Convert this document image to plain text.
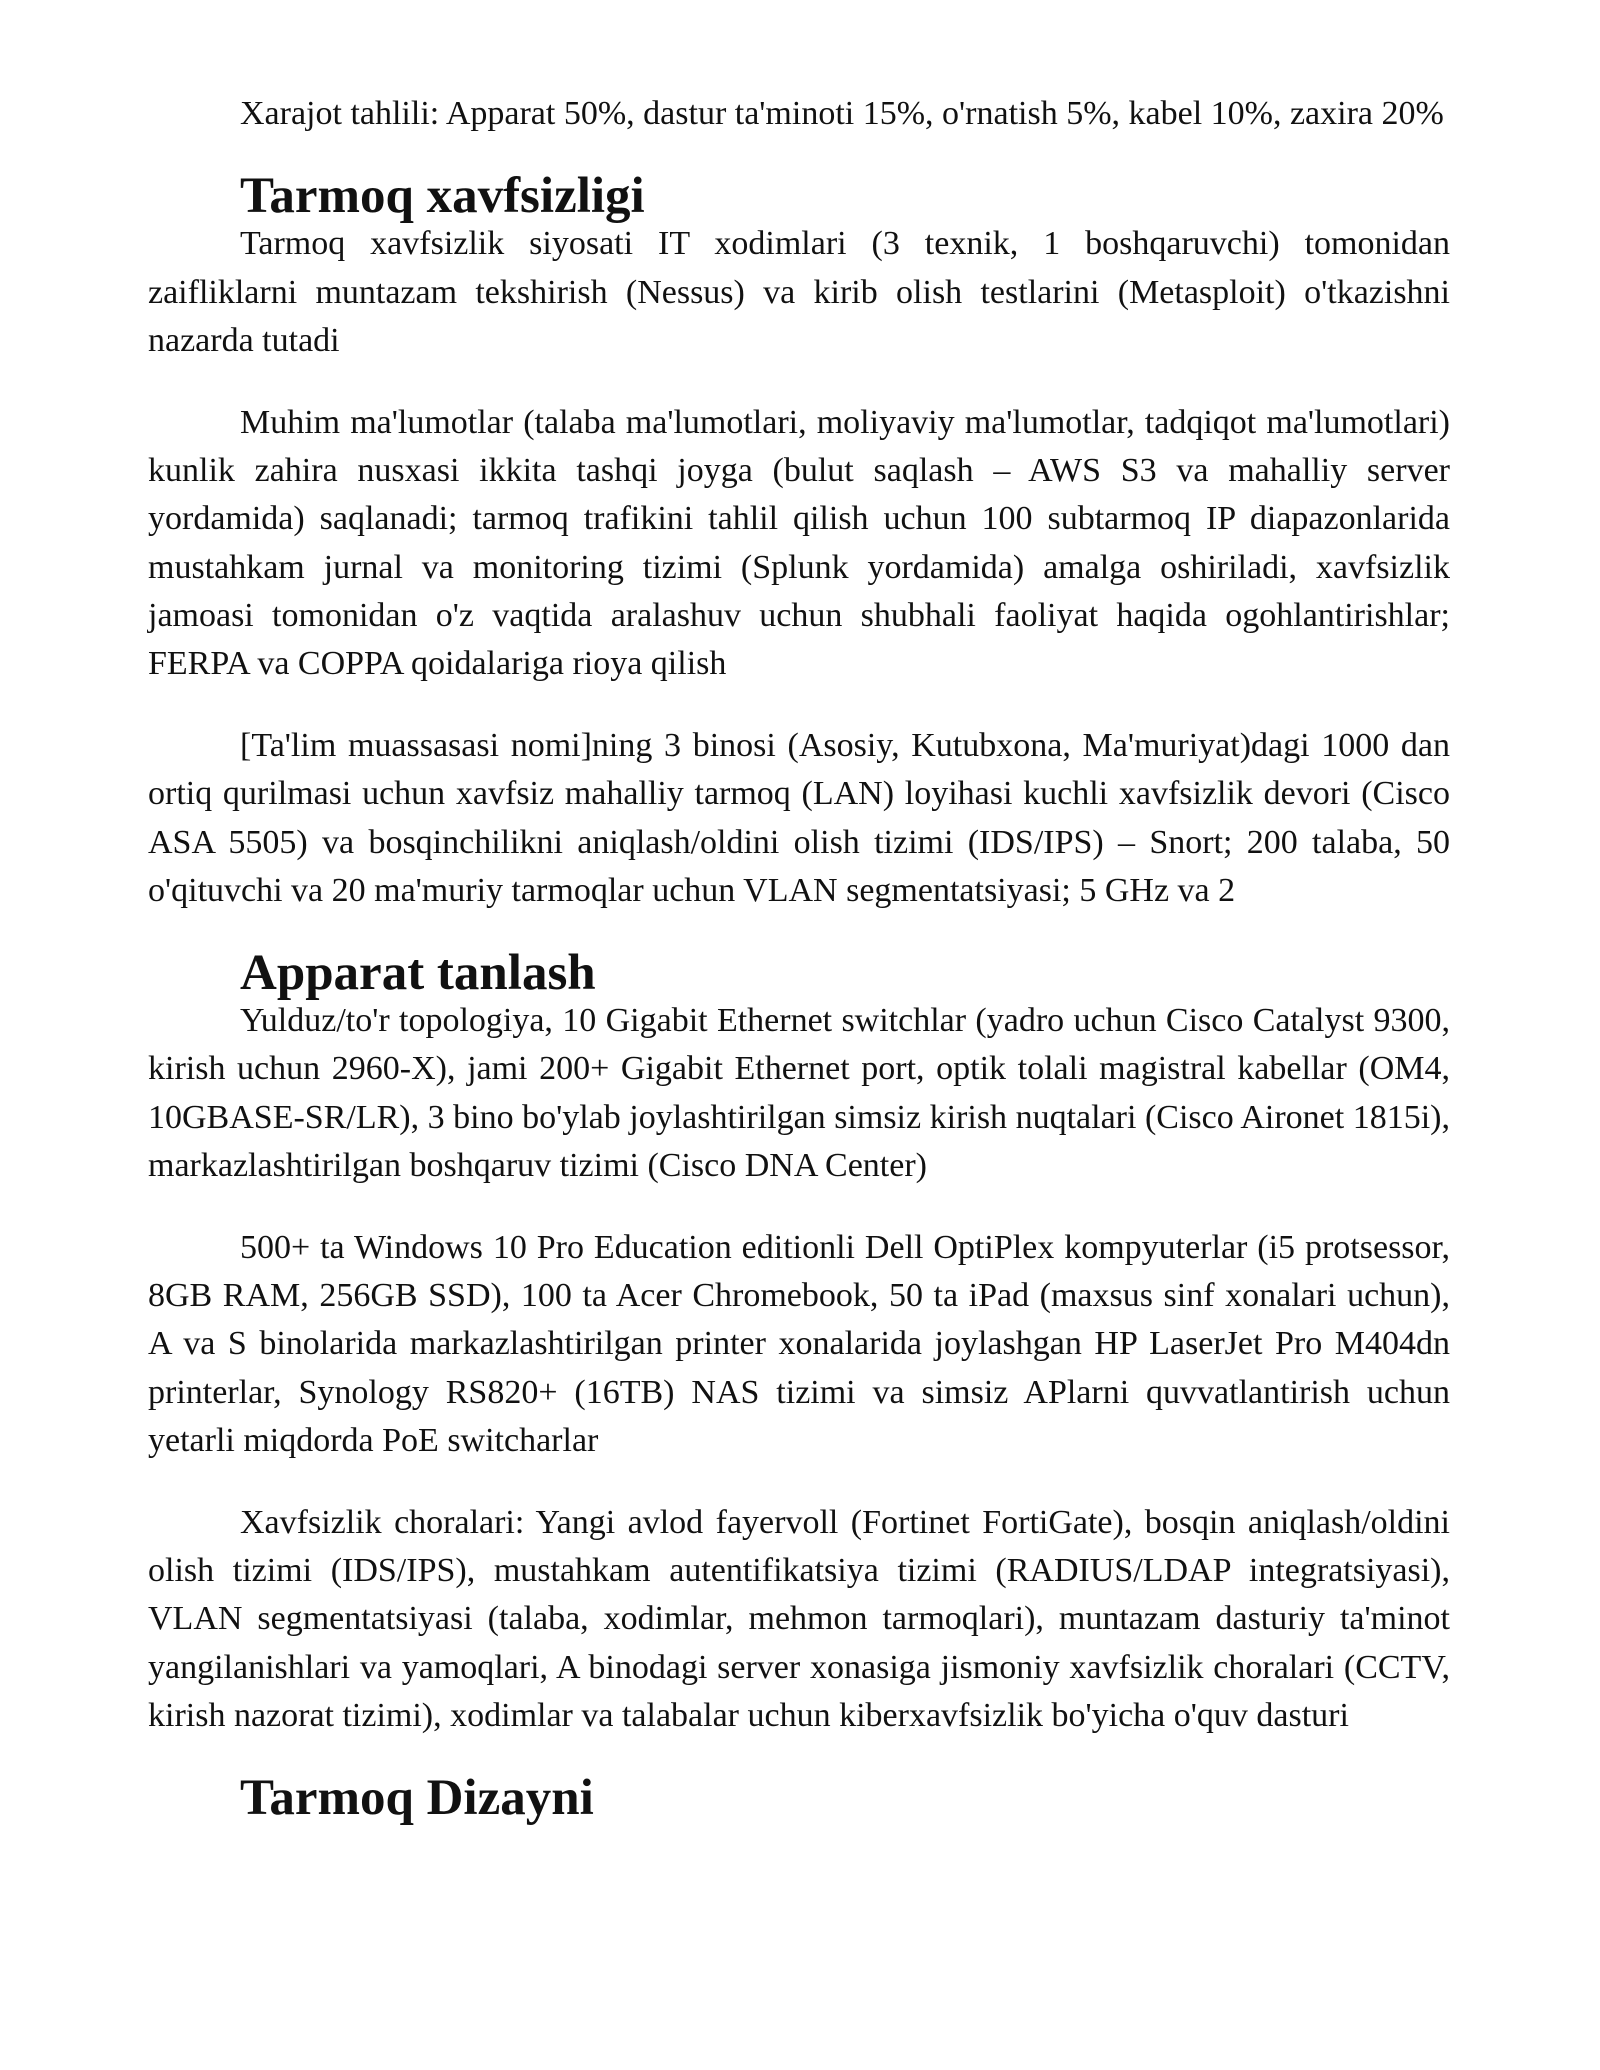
Xarajot tahlili: Apparat 50%, dastur ta'minoti 15%, o'rnatish 5%, kabel 10%, zaxira 20%

Tarmoq xavfsizligi

Tarmoq xavfsizlik siyosati IT xodimlari (3 texnik, 1 boshqaruvchi) tomonidan zaifliklarni muntazam tekshirish (Nessus) va kirib olish testlarini (Metasploit) o'tkazishni nazarda tutadi

Muhim ma'lumotlar (talaba ma'lumotlari, moliyaviy ma'lumotlar, tadqiqot ma'lumotlari) kunlik zahira nusxasi ikkita tashqi joyga (bulut saqlash – AWS S3 va mahalliy server yordamida) saqlanadi; tarmoq trafikini tahlil qilish uchun 100 subtarmoq IP diapazonlarida mustahkam jurnal va monitoring tizimi (Splunk yordamida) amalga oshiriladi, xavfsizlik jamoasi tomonidan o'z vaqtida aralashuv uchun shubhali faoliyat haqida ogohlantirishlar; FERPA va COPPA qoidalariga rioya qilish

[Ta'lim muassasasi nomi]ning 3 binosi (Asosiy, Kutubxona, Ma'muriyat)dagi 1000 dan ortiq qurilmasi uchun xavfsiz mahalliy tarmoq (LAN) loyihasi kuchli xavfsizlik devori (Cisco ASA 5505) va bosqinchilikni aniqlash/oldini olish tizimi (IDS/IPS) – Snort; 200 talaba, 50 o'qituvchi va 20 ma'muriy tarmoqlar uchun VLAN segmentatsiyasi; 5 GHz va 2

Apparat tanlash

Yulduz/to'r topologiya, 10 Gigabit Ethernet switchlar (yadro uchun Cisco Catalyst 9300, kirish uchun 2960-X), jami 200+ Gigabit Ethernet port, optik tolali magistral kabellar (OM4, 10GBASE-SR/LR), 3 bino bo'ylab joylashtirilgan simsiz kirish nuqtalari (Cisco Aironet 1815i), markazlashtirilgan boshqaruv tizimi (Cisco DNA Center)

500+ ta Windows 10 Pro Education editionli Dell OptiPlex kompyuterlar (i5 protsessor, 8GB RAM, 256GB SSD), 100 ta Acer Chromebook, 50 ta iPad (maxsus sinf xonalari uchun), A va S binolarida markazlashtirilgan printer xonalarida joylashgan HP LaserJet Pro M404dn printerlar, Synology RS820+ (16TB) NAS tizimi va simsiz APlarni quvvatlantirish uchun yetarli miqdorda PoE switcharlar

Xavfsizlik choralari: Yangi avlod fayervoll (Fortinet FortiGate), bosqin aniqlash/oldini olish tizimi (IDS/IPS), mustahkam autentifikatsiya tizimi (RADIUS/LDAP integratsiyasi), VLAN segmentatsiyasi (talaba, xodimlar, mehmon tarmoqlari), muntazam dasturiy ta'minot yangilanishlari va yamoqlari, A binodagi server xonasiga jismoniy xavfsizlik choralari (CCTV, kirish nazorat tizimi), xodimlar va talabalar uchun kiberxavfsizlik bo'yicha o'quv dasturi

Tarmoq Dizayni
